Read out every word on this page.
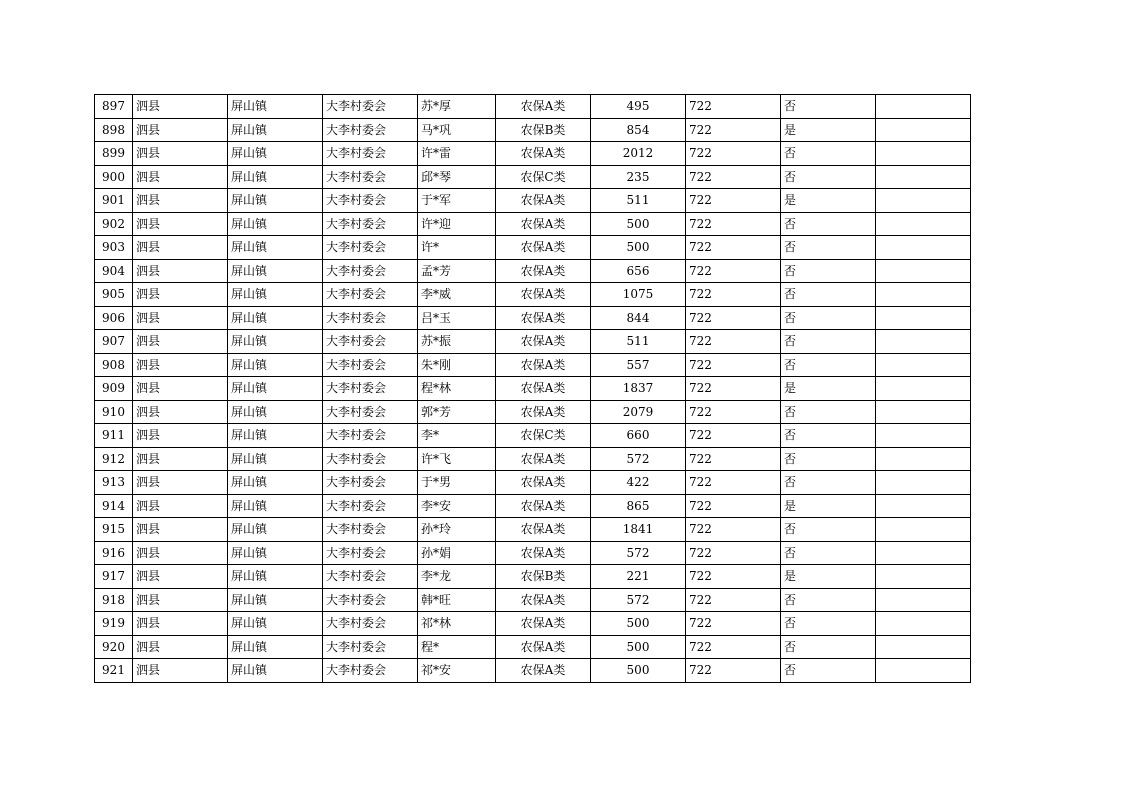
897	泗县	屏山镇	大李村委会	苏*厚	农保A类	495	722	否	
898	泗县	屏山镇	大李村委会	马*巩	农保B类	854	722	是	
899	泗县	屏山镇	大李村委会	许*雷	农保A类	2012	722	否	
900	泗县	屏山镇	大李村委会	邱*琴	农保C类	235	722	否	
901	泗县	屏山镇	大李村委会	于*军	农保A类	511	722	是	
902	泗县	屏山镇	大李村委会	许*迎	农保A类	500	722	否	
903	泗县	屏山镇	大李村委会	许*	农保A类	500	722	否	
904	泗县	屏山镇	大李村委会	孟*芳	农保A类	656	722	否	
905	泗县	屏山镇	大李村委会	李*威	农保A类	1075	722	否	
906	泗县	屏山镇	大李村委会	吕*玉	农保A类	844	722	否	
907	泗县	屏山镇	大李村委会	苏*振	农保A类	511	722	否	
908	泗县	屏山镇	大李村委会	朱*刚	农保A类	557	722	否	
909	泗县	屏山镇	大李村委会	程*林	农保A类	1837	722	是	
910	泗县	屏山镇	大李村委会	郭*芳	农保A类	2079	722	否	
911	泗县	屏山镇	大李村委会	李*	农保C类	660	722	否	
912	泗县	屏山镇	大李村委会	许*飞	农保A类	572	722	否	
913	泗县	屏山镇	大李村委会	于*男	农保A类	422	722	否	
914	泗县	屏山镇	大李村委会	李*安	农保A类	865	722	是	
915	泗县	屏山镇	大李村委会	孙*玲	农保A类	1841	722	否	
916	泗县	屏山镇	大李村委会	孙*娟	农保A类	572	722	否	
917	泗县	屏山镇	大李村委会	李*龙	农保B类	221	722	是	
918	泗县	屏山镇	大李村委会	韩*旺	农保A类	572	722	否	
919	泗县	屏山镇	大李村委会	祁*林	农保A类	500	722	否	
920	泗县	屏山镇	大李村委会	程*	农保A类	500	722	否	
921	泗县	屏山镇	大李村委会	祁*安	农保A类	500	722	否	
